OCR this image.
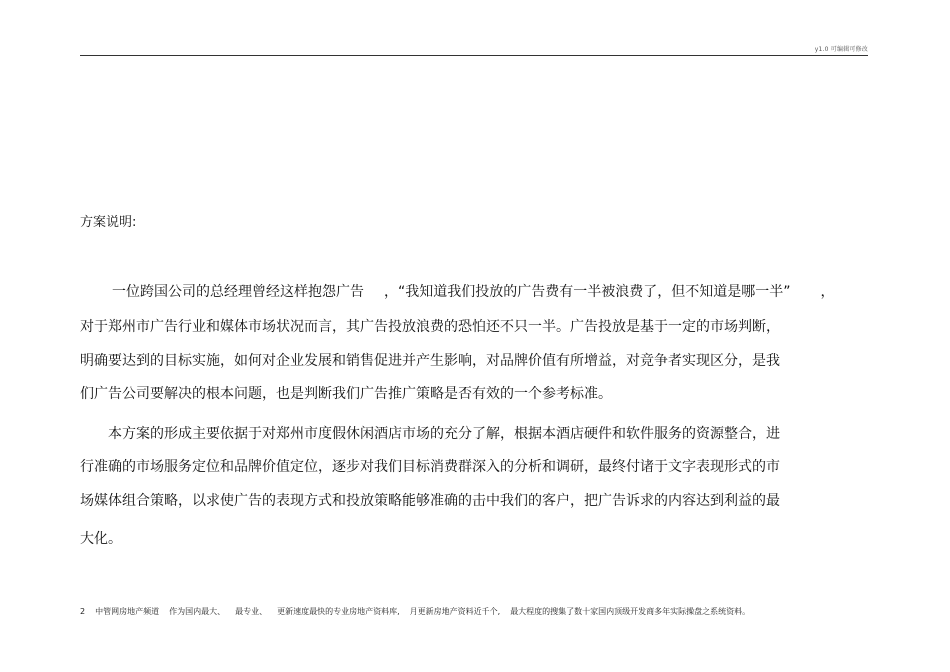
y1.0 可编辑可修改
方案说明:
一位跨国公司的总经理曾经这样抱怨广告 ，“我知道我们投放的广告费有一半被浪费了，但不知道是哪一半” ，
对于郑州市广告行业和媒体市场状况而言，其广告投放浪费的恐怕还不只一半。广告投放是基于一定的市场判断，
明确要达到的目标实施，如何对企业发展和销售促进并产生影响，对品牌价值有所增益，对竞争者实现区分，是我
们广告公司要解决的根本问题，也是判断我们广告推广策略是否有效的一个参考标准。
本方案的形成主要依据于对郑州市度假休闲酒店市场的充分了解，根据本酒店硬件和软件服务的资源整合，进
行准确的市场服务定位和品牌价值定位，逐步对我们目标消费群深入的分析和调研，最终付诸于文字表现形式的市
场媒体组合策略，以求使广告的表现方式和投放策略能够准确的击中我们的客户，把广告诉求的内容达到利益的最
大化。
2 中管网房地产频道 作为国内最大、 最专业、 更新速度最快的专业房地产资料库, 月更新房地产资料近千个, 最大程度的搜集了数十家国内顶级开发商多年实际操盘之系统资料。
